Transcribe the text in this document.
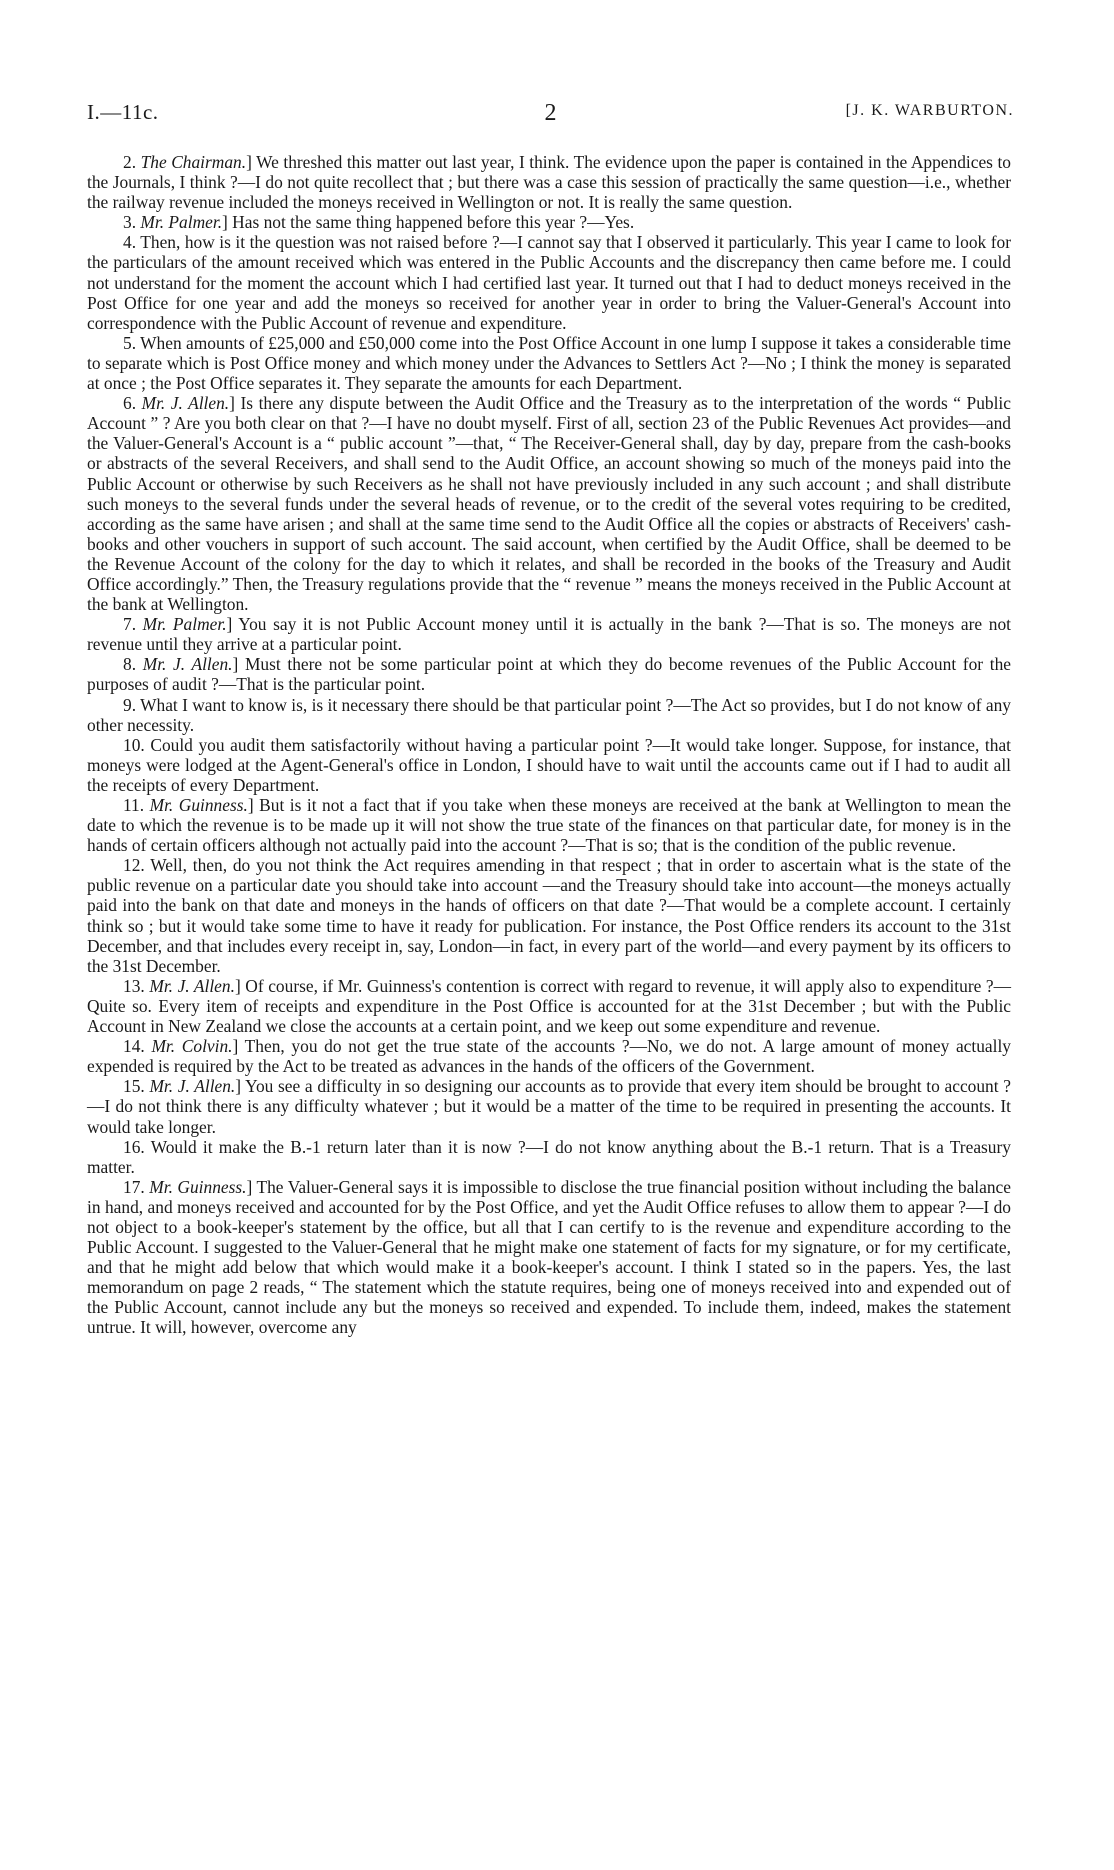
I.—11c.	2	[J. K. WARBURTON.

2. The Chairman.] We threshed this matter out last year, I think. The evidence upon the paper is contained in the Appendices to the Journals, I think ?—I do not quite recollect that ; but there was a case this session of practically the same question—i.e., whether the railway revenue included the moneys received in Wellington or not. It is really the same question.

3. Mr. Palmer.] Has not the same thing happened before this year ?—Yes.

4. Then, how is it the question was not raised before ?—I cannot say that I observed it particularly. This year I came to look for the particulars of the amount received which was entered in the Public Accounts and the discrepancy then came before me. I could not understand for the moment the account which I had certified last year. It turned out that I had to deduct moneys received in the Post Office for one year and add the moneys so received for another year in order to bring the Valuer-General's Account into correspondence with the Public Account of revenue and expenditure.

5. When amounts of £25,000 and £50,000 come into the Post Office Account in one lump I suppose it takes a considerable time to separate which is Post Office money and which money under the Advances to Settlers Act ?—No ; I think the money is separated at once ; the Post Office separates it. They separate the amounts for each Department.

6. Mr. J. Allen.] Is there any dispute between the Audit Office and the Treasury as to the interpretation of the words “ Public Account ” ? Are you both clear on that ?—I have no doubt myself. First of all, section 23 of the Public Revenues Act provides—and the Valuer-General's Account is a “ public account ”—that, “ The Receiver-General shall, day by day, prepare from the cash-books or abstracts of the several Receivers, and shall send to the Audit Office, an account showing so much of the moneys paid into the Public Account or otherwise by such Receivers as he shall not have previously included in any such account ; and shall distribute such moneys to the several funds under the several heads of revenue, or to the credit of the several votes requiring to be credited, according as the same have arisen ; and shall at the same time send to the Audit Office all the copies or abstracts of Receivers' cash-books and other vouchers in support of such account. The said account, when certified by the Audit Office, shall be deemed to be the Revenue Account of the colony for the day to which it relates, and shall be recorded in the books of the Treasury and Audit Office accordingly.” Then, the Treasury regulations provide that the “ revenue ” means the moneys received in the Public Account at the bank at Wellington.

7. Mr. Palmer.] You say it is not Public Account money until it is actually in the bank ?—That is so. The moneys are not revenue until they arrive at a particular point.

8. Mr. J. Allen.] Must there not be some particular point at which they do become revenues of the Public Account for the purposes of audit ?—That is the particular point.

9. What I want to know is, is it necessary there should be that particular point ?—The Act so provides, but I do not know of any other necessity.

10. Could you audit them satisfactorily without having a particular point ?—It would take longer. Suppose, for instance, that moneys were lodged at the Agent-General's office in London, I should have to wait until the accounts came out if I had to audit all the receipts of every Department.

11. Mr. Guinness.] But is it not a fact that if you take when these moneys are received at the bank at Wellington to mean the date to which the revenue is to be made up it will not show the true state of the finances on that particular date, for money is in the hands of certain officers although not actually paid into the account ?—That is so; that is the condition of the public revenue.

12. Well, then, do you not think the Act requires amending in that respect ; that in order to ascertain what is the state of the public revenue on a particular date you should take into account —and the Treasury should take into account—the moneys actually paid into the bank on that date and moneys in the hands of officers on that date ?—That would be a complete account. I certainly think so ; but it would take some time to have it ready for publication. For instance, the Post Office renders its account to the 31st December, and that includes every receipt in, say, London—in fact, in every part of the world—and every payment by its officers to the 31st December.

13. Mr. J. Allen.] Of course, if Mr. Guinness's contention is correct with regard to revenue, it will apply also to expenditure ?—Quite so. Every item of receipts and expenditure in the Post Office is accounted for at the 31st December ; but with the Public Account in New Zealand we close the accounts at a certain point, and we keep out some expenditure and revenue.

14. Mr. Colvin.] Then, you do not get the true state of the accounts ?—No, we do not. A large amount of money actually expended is required by the Act to be treated as advances in the hands of the officers of the Government.

15. Mr. J. Allen.] You see a difficulty in so designing our accounts as to provide that every item should be brought to account ?—I do not think there is any difficulty whatever ; but it would be a matter of the time to be required in presenting the accounts. It would take longer.

16. Would it make the B.-1 return later than it is now ?—I do not know anything about the B.-1 return. That is a Treasury matter.

17. Mr. Guinness.] The Valuer-General says it is impossible to disclose the true financial position without including the balance in hand, and moneys received and accounted for by the Post Office, and yet the Audit Office refuses to allow them to appear ?—I do not object to a book-keeper's statement by the office, but all that I can certify to is the revenue and expenditure according to the Public Account. I suggested to the Valuer-General that he might make one statement of facts for my signature, or for my certificate, and that he might add below that which would make it a book-keeper's account. I think I stated so in the papers. Yes, the last memorandum on page 2 reads, “ The statement which the statute requires, being one of moneys received into and expended out of the Public Account, cannot include any but the moneys so received and expended. To include them, indeed, makes the statement untrue. It will, however, overcome any
